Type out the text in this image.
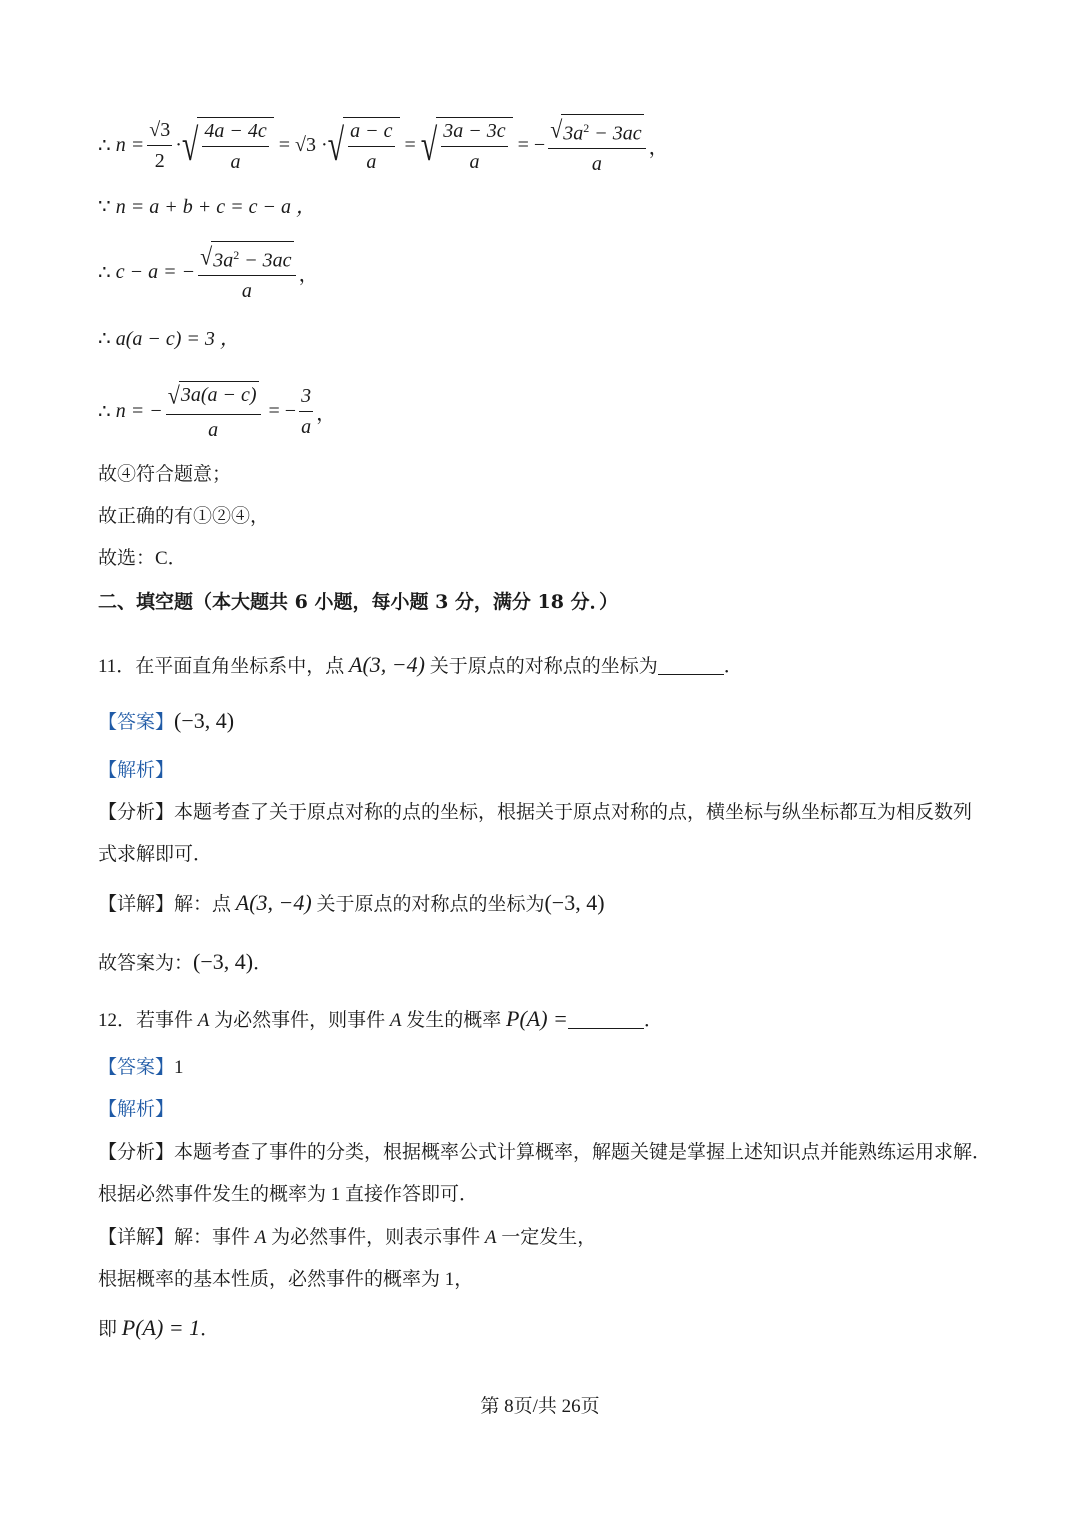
∴
$n = \frac{√3}{2}$ · √ $\frac{4a - 4c}{a}$
=
√3 · √ $\frac{a - c}{a}$
=
√ $\frac{3a - 3c}{a}$
= − $\frac{√ 3a^2 - 3ac}{a}$ ，
∵ n = a + b + c = c − a ，
∴
c − a = − $\frac{√ 3a^2 - 3ac}{a}$ ，
∴ a(a − c) = 3 ，
∴
n = − $\frac{√ 3a(a - c)}{a}$
= − $\frac{3}{a}$ ，
故④符合题意；
故正确的有①②④，
故选：C．
二、填空题（本大题共 6 小题，每小题 3 分，满分 18 分．）
11．在平面直角坐标系中，点 A(3, −4) 关于原点的对称点的坐标为	．
【答案】(−3, 4)
【解析】
【分析】本题考查了关于原点对称的点的坐标，根据关于原点对称的点，横坐标与纵坐标都互为相反数列
式求解即可．
【详解】解：点 A(3, −4) 关于原点的对称点的坐标为(−3, 4)
故答案为：(−3, 4)．
12．若事件 A 为必然事件，则事件 A 发生的概率 P(A) =	．
【答案】1
【解析】
【分析】本题考查了事件的分类，根据概率公式计算概率，解题关键是掌握上述知识点并能熟练运用求解．
根据必然事件发生的概率为 1 直接作答即可．
【详解】解：事件 A 为必然事件，则表示事件 A 一定发生，
根据概率的基本性质，必然事件的概率为 1，
即 P(A) = 1．
第 8页/共 26页
